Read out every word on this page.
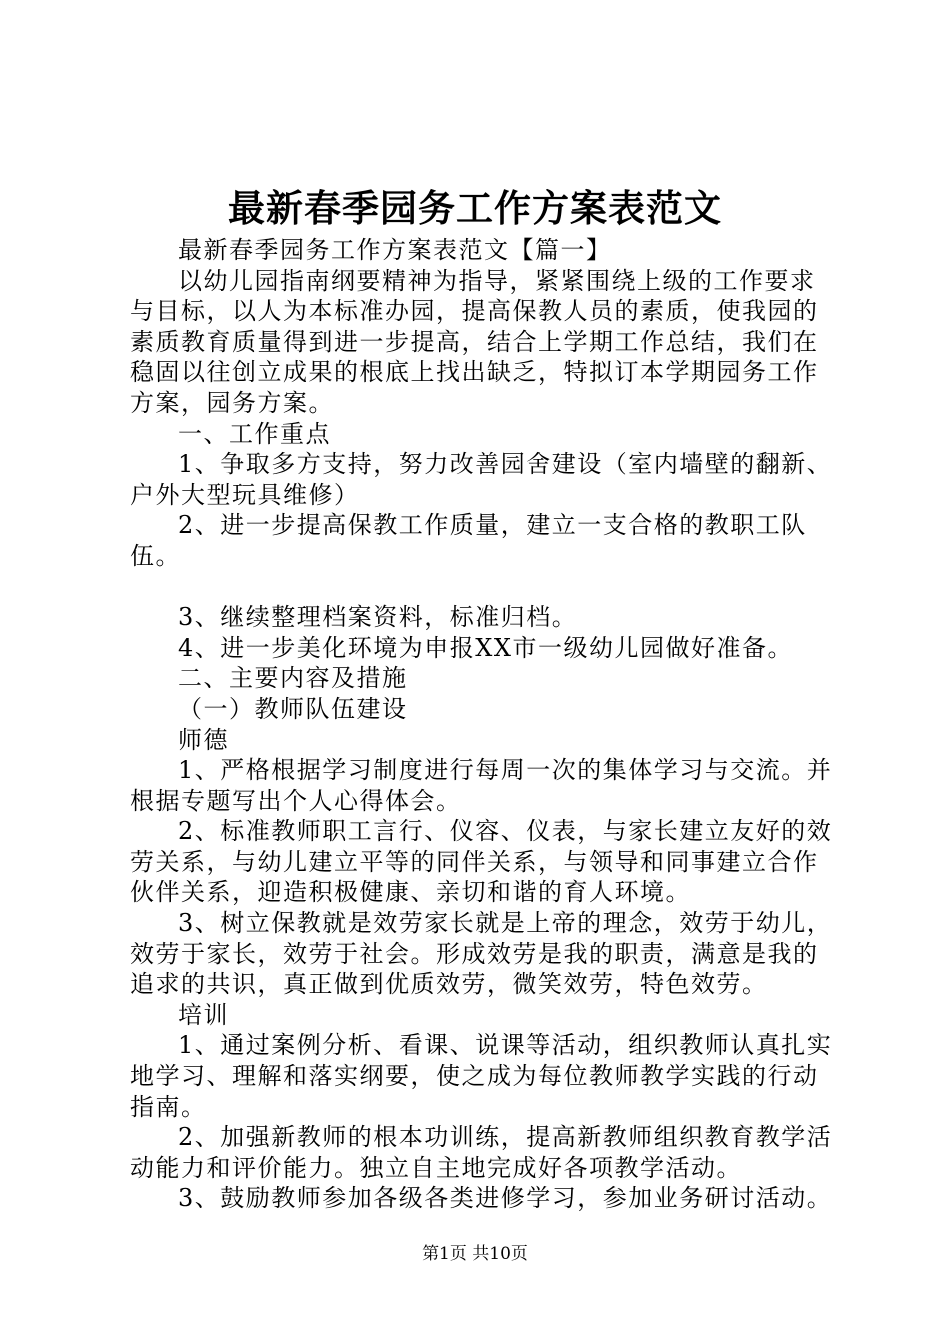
最新春季园务工作方案表范文

最新春季园务工作方案表范文【篇一】

以幼儿园指南纲要精神为指导，紧紧围绕上级的工作要求与目标，以人为本标准办园，提高保教人员的素质，使我园的素质教育质量得到进一步提高，结合上学期工作总结，我们在稳固以往创立成果的根底上找出缺乏，特拟订本学期园务工作方案，园务方案。

一、工作重点

1、争取多方支持，努力改善园舍建设（室内墙壁的翻新、户外大型玩具维修）

2、进一步提高保教工作质量，建立一支合格的教职工队伍。

3、继续整理档案资料，标准归档。

4、进一步美化环境为申报XX市一级幼儿园做好准备。

二、主要内容及措施

（一）教师队伍建设

师德

1、严格根据学习制度进行每周一次的集体学习与交流。并根据专题写出个人心得体会。

2、标准教师职工言行、仪容、仪表，与家长建立友好的效劳关系，与幼儿建立平等的同伴关系，与领导和同事建立合作伙伴关系，迎造积极健康、亲切和谐的育人环境。

3、树立保教就是效劳家长就是上帝的理念，效劳于幼儿，效劳于家长，效劳于社会。形成效劳是我的职责，满意是我的追求的共识，真正做到优质效劳，微笑效劳，特色效劳。

培训

1、通过案例分析、看课、说课等活动，组织教师认真扎实地学习、理解和落实纲要，使之成为每位教师教学实践的行动指南。

2、加强新教师的根本功训练，提高新教师组织教育教学活动能力和评价能力。独立自主地完成好各项教学活动。

3、鼓励教师参加各级各类进修学习，参加业务研讨活动。

第1页 共10页
